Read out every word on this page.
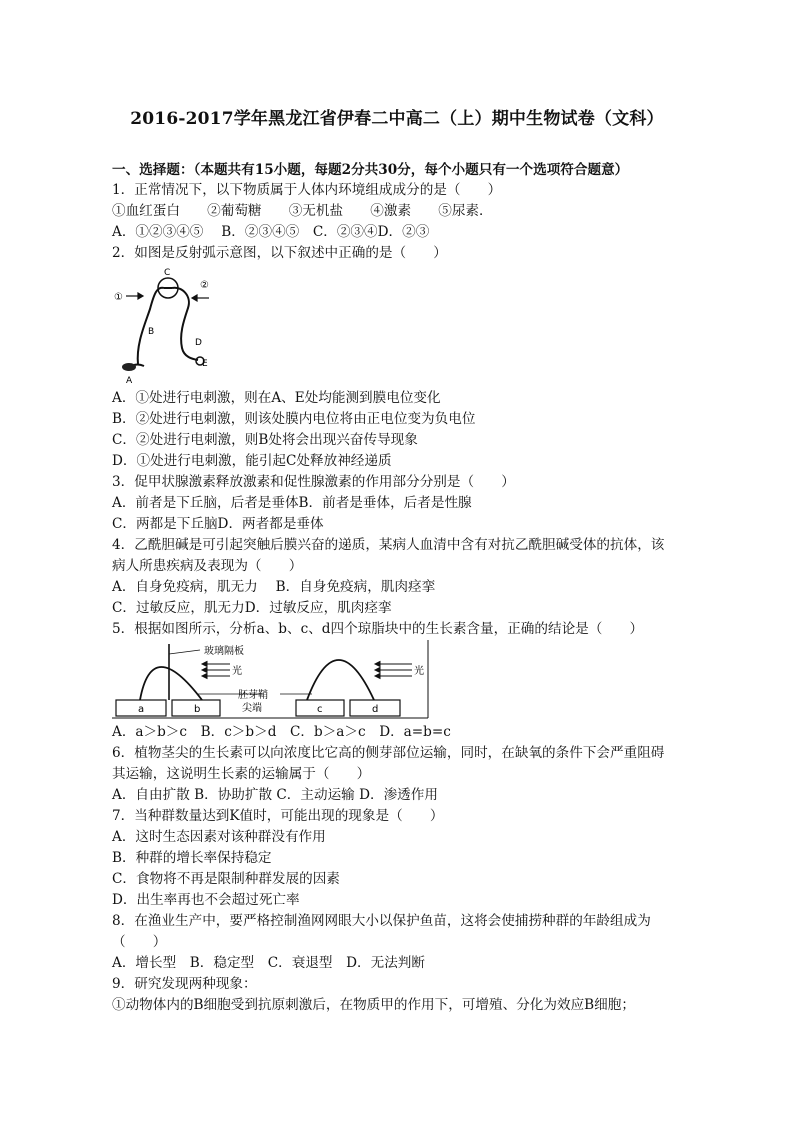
2016-2017学年黑龙江省伊春二中高二（上）期中生物试卷（文科）
一、选择题：（本题共有15小题，每题2分共30分，每个小题只有一个选项符合题意）
1．正常情况下，以下物质属于人体内环境组成成分的是（　　）
①血红蛋白　　②葡萄糖　　③无机盐　　④激素　　⑤尿素．
A．①②③④⑤　 B．②③④⑤　C．②③④D．②③
2．如图是反射弧示意图，以下叙述中正确的是（　　）
C
①
②
B
D
E
A
A．①处进行电刺激，则在A、E处均能测到膜电位变化
B．②处进行电刺激，则该处膜内电位将由正电位变为负电位
C．②处进行电刺激，则B处将会出现兴奋传导现象
D．①处进行电刺激，能引起C处释放神经递质
3．促甲状腺激素释放激素和促性腺激素的作用部分分别是（　　）
A．前者是下丘脑，后者是垂体B．前者是垂体，后者是性腺
C．两都是下丘脑D．两者都是垂体
4．乙酰胆碱是可引起突触后膜兴奋的递质，某病人血清中含有对抗乙酰胆碱受体的抗体，该
病人所患疾病及表现为（　　）
A．自身免疫病，肌无力　 B．自身免疫病，肌肉痉挛
C．过敏反应，肌无力D．过敏反应，肌肉痉挛
5．根据如图所示，分析a、b、c、d四个琼脂块中的生长素含量，正确的结论是（　　）
玻璃隔板
光	光
胚芽鞘
尖端
a	b	c	d
A．a＞b＞c　B．c＞b＞d　C．b＞a＞c　D．a=b=c
6．植物茎尖的生长素可以向浓度比它高的侧芽部位运输，同时，在缺氧的条件下会严重阻碍
其运输，这说明生长素的运输属于（　　）
A．自由扩散 B．协助扩散 C．主动运输 D．渗透作用
7．当种群数量达到K值时，可能出现的现象是（　　）
A．这时生态因素对该种群没有作用
B．种群的增长率保持稳定
C．食物将不再是限制种群发展的因素
D．出生率再也不会超过死亡率
8．在渔业生产中，要严格控制渔网网眼大小以保护鱼苗，这将会使捕捞种群的年龄组成为
（　　）
A．增长型　B．稳定型　C．衰退型　D．无法判断
9．研究发现两种现象：
①动物体内的B细胞受到抗原刺激后，在物质甲的作用下，可增殖、分化为效应B细胞；
